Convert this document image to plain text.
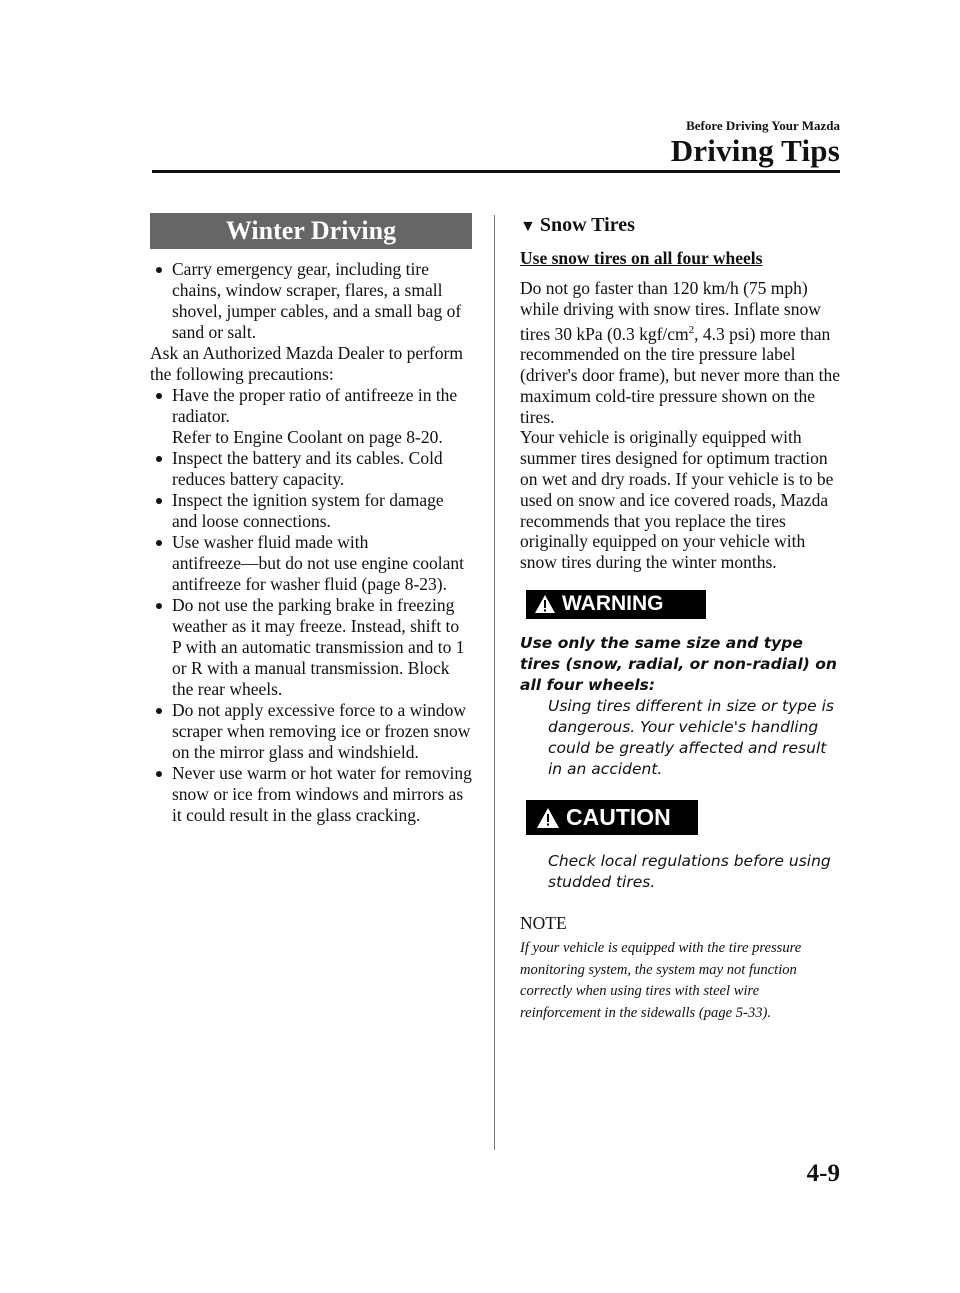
Before Driving Your Mazda
Driving Tips
Winter Driving
Carry emergency gear, including tire chains, window scraper, flares, a small shovel, jumper cables, and a small bag of sand or salt.
Ask an Authorized Mazda Dealer to perform the following precautions:
Have the proper ratio of antifreeze in the radiator.
Refer to Engine Coolant on page 8-20.
Inspect the battery and its cables. Cold reduces battery capacity.
Inspect the ignition system for damage and loose connections.
Use washer fluid made with antifreeze―but do not use engine coolant antifreeze for washer fluid (page 8-23).
Do not use the parking brake in freezing weather as it may freeze. Instead, shift to P with an automatic transmission and to 1 or R with a manual transmission. Block the rear wheels.
Do not apply excessive force to a window scraper when removing ice or frozen snow on the mirror glass and windshield.
Never use warm or hot water for removing snow or ice from windows and mirrors as it could result in the glass cracking.
▼ Snow Tires
Use snow tires on all four wheels

Do not go faster than 120 km/h (75 mph) while driving with snow tires. Inflate snow tires 30 kPa (0.3 kgf/$cm^2$, 4.3 psi) more than recommended on the tire pressure label (driver's door frame), but never more than the maximum cold-tire pressure shown on the tires.

Your vehicle is originally equipped with summer tires designed for optimum traction on wet and dry roads. If your vehicle is to be used on snow and ice covered roads, Mazda recommends that you replace the tires originally equipped on your vehicle with snow tires during the winter months.

WARNING
Use only the same size and type tires (snow, radial, or non-radial) on all four wheels:
Using tires different in size or type is dangerous. Your vehicle's handling could be greatly affected and result in an accident.
CAUTION
Check local regulations before using studded tires.
NOTE
If your vehicle is equipped with the tire pressure monitoring system, the system may not function correctly when using tires with steel wire reinforcement in the sidewalls (page 5-33).
4-9
